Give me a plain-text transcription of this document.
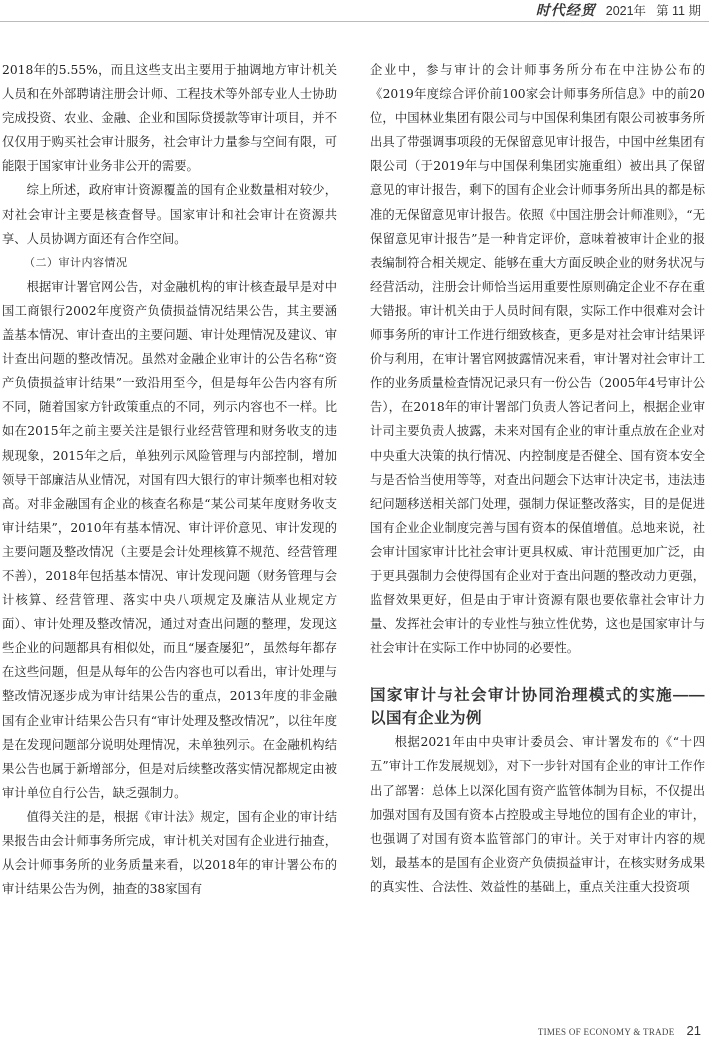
时代经贸 2021年 第 11 期

2018年的5.55%，而且这些支出主要用于抽调地方审计机关人员和在外部聘请注册会计师、工程技术等外部专业人士协助完成投资、农业、金融、企业和国际贷援款等审计项目，并不仅仅用于购买社会审计服务，社会审计力量参与空间有限，可能限于国家审计业务非公开的需要。

综上所述，政府审计资源覆盖的国有企业数量相对较少，对社会审计主要是核查督导。国家审计和社会审计在资源共享、人员协调方面还有合作空间。

（二）审计内容情况

根据审计署官网公告，对金融机构的审计核查最早是对中国工商银行2002年度资产负债损益情况结果公告，其主要涵盖基本情况、审计查出的主要问题、审计处理情况及建议、审计查出问题的整改情况。虽然对金融企业审计的公告名称“资产负债损益审计结果”一致沿用至今，但是每年公告内容有所不同，随着国家方针政策重点的不同，列示内容也不一样。比如在2015年之前主要关注是银行业经营管理和财务收支的违规现象，2015年之后，单独列示风险管理与内部控制，增加领导干部廉洁从业情况，对国有四大银行的审计频率也相对较高。对非金融国有企业的核查名称是“某公司某年度财务收支审计结果”，2010年有基本情况、审计评价意见、审计发现的主要问题及整改情况（主要是会计处理核算不规范、经营管理不善），2018年包括基本情况、审计发现问题（财务管理与会计核算、经营管理、落实中央八项规定及廉洁从业规定方面）、审计处理及整改情况，通过对查出问题的整理，发现这些企业的问题都具有相似处，而且“屡查屡犯”，虽然每年都存在这些问题，但是从每年的公告内容也可以看出，审计处理与整改情况逐步成为审计结果公告的重点，2013年度的非金融国有企业审计结果公告只有“审计处理及整改情况”，以往年度是在发现问题部分说明处理情况，未单独列示。在金融机构结果公告也属于新增部分，但是对后续整改落实情况都规定由被审计单位自行公告，缺乏强制力。

值得关注的是，根据《审计法》规定，国有企业的审计结果报告由会计师事务所完成，审计机关对国有企业进行抽查，从会计师事务所的业务质量来看，以2018年的审计署公布的审计结果公告为例，抽查的38家国有

企业中，参与审计的会计师事务所分布在中注协公布的《2019年度综合评价前100家会计师事务所信息》中的前20位，中国林业集团有限公司与中国保利集团有限公司被事务所出具了带强调事项段的无保留意见审计报告，中国中丝集团有限公司（于2019年与中国保利集团实施重组）被出具了保留意见的审计报告，剩下的国有企业会计师事务所出具的都是标准的无保留意见审计报告。依照《中国注册会计师准则》，“无保留意见审计报告”是一种肯定评价，意味着被审计企业的报表编制符合相关规定、能够在重大方面反映企业的财务状况与经营活动，注册会计师恰当运用重要性原则确定企业不存在重大错报。审计机关由于人员时间有限，实际工作中很难对会计师事务所的审计工作进行细致核查，更多是对社会审计结果评价与利用，在审计署官网披露情况来看，审计署对社会审计工作的业务质量检查情况记录只有一份公告（2005年4号审计公告），在2018年的审计署部门负责人答记者问上，根据企业审计司主要负责人披露，未来对国有企业的审计重点放在企业对中央重大决策的执行情况、内控制度是否健全、国有资本安全与是否恰当使用等等，对查出问题会下达审计决定书，违法违纪问题移送相关部门处理，强制力保证整改落实，目的是促进国有企业企业制度完善与国有资本的保值增值。总地来说，社会审计国家审计比社会审计更具权威、审计范围更加广泛，由于更具强制力会使得国有企业对于查出问题的整改动力更强，监督效果更好，但是由于审计资源有限也要依靠社会审计力量、发挥社会审计的专业性与独立性优势，这也是国家审计与社会审计在实际工作中协同的必要性。

国家审计与社会审计协同治理模式的实施——以国有企业为例

根据2021年由中央审计委员会、审计署发布的《“十四五”审计工作发展规划》，对下一步针对国有企业的审计工作作出了部署：总体上以深化国有资产监管体制为目标，不仅提出加强对国有及国有资本占控股或主导地位的国有企业的审计，也强调了对国有资本监管部门的审计。关于对审计内容的规划，最基本的是国有企业资产负债损益审计，在核实财务成果的真实性、合法性、效益性的基础上，重点关注重大投资项

TIMES OF ECONOMY & TRADE 21
